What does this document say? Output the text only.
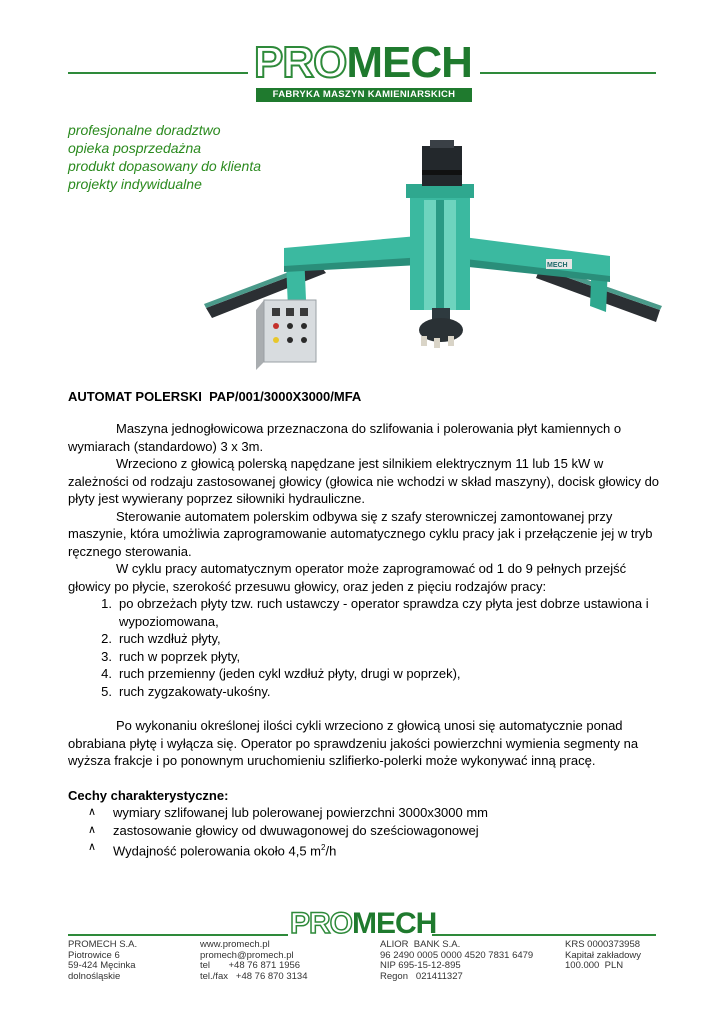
PROMECH
FABRYKA MASZYN KAMIENIARSKICH
profesjonalne doradztwo
opieka posprzedażna
produkt dopasowany do klienta
projekty indywidualne
MECH
AUTOMAT POLERSKI  PAP/001/3000X3000/MFA

Maszyna jednogłowicowa przeznaczona do szlifowania i polerowania płyt kamiennych o wymiarach (standardowo) 3 x 3m.

Wrzeciono z głowicą polerską napędzane jest silnikiem elektrycznym 11 lub 15 kW w zależności od rodzaju zastosowanej głowicy (głowica nie wchodzi w skład maszyny), docisk głowicy do płyty jest wywierany poprzez siłowniki hydrauliczne.

Sterowanie automatem polerskim odbywa się z szafy sterowniczej zamontowanej przy maszynie, która umożliwia zaprogramowanie automatycznego cyklu pracy jak i przełączenie jej w tryb ręcznego sterowania.

W cyklu pracy automatycznym operator może zaprogramować od 1 do 9 pełnych przejść głowicy po płycie, szerokość przesuwu głowicy, oraz jeden z pięciu rodzajów pracy:

1. po obrzeżach płyty tzw. ruch ustawczy - operator sprawdza czy płyta jest dobrze ustawiona i wypoziomowana,
2. ruch wzdłuż płyty,
3. ruch w poprzek płyty,
4. ruch przemienny (jeden cykl wzdłuż płyty, drugi w poprzek),
5. ruch zygzakowaty-ukośny.

Po wykonaniu określonej ilości cykli wrzeciono z głowicą unosi się automatycznie ponad obrabiana płytę i wyłącza się. Operator po sprawdzeniu jakości powierzchni wymienia segmenty na wyższa frakcje i po ponownym uruchomieniu szlifierko-polerki może wykonywać inną pracę.

Cechy charakterystyczne:
∧	wymiary szlifowanej lub polerowanej powierzchni 3000x3000 mm
∧	zastosowanie głowicy od dwuwagonowej do sześciowagonowej
∧	Wydajność polerowania około 4,5 $m^2/h$
PROMECH
PROMECH S.A.
Piotrowice 6
59-424 Męcinka
dolnośląskie
www.promech.pl
promech@promech.pl
tel       +48 76 871 1956
tel./fax   +48 76 870 3134
ALIOR  BANK S.A.
96 2490 0005 0000 4520 7831 6479
NIP 695-15-12-895
Regon   021411327
KRS 0000373958
Kapitał zakładowy
100.000  PLN
